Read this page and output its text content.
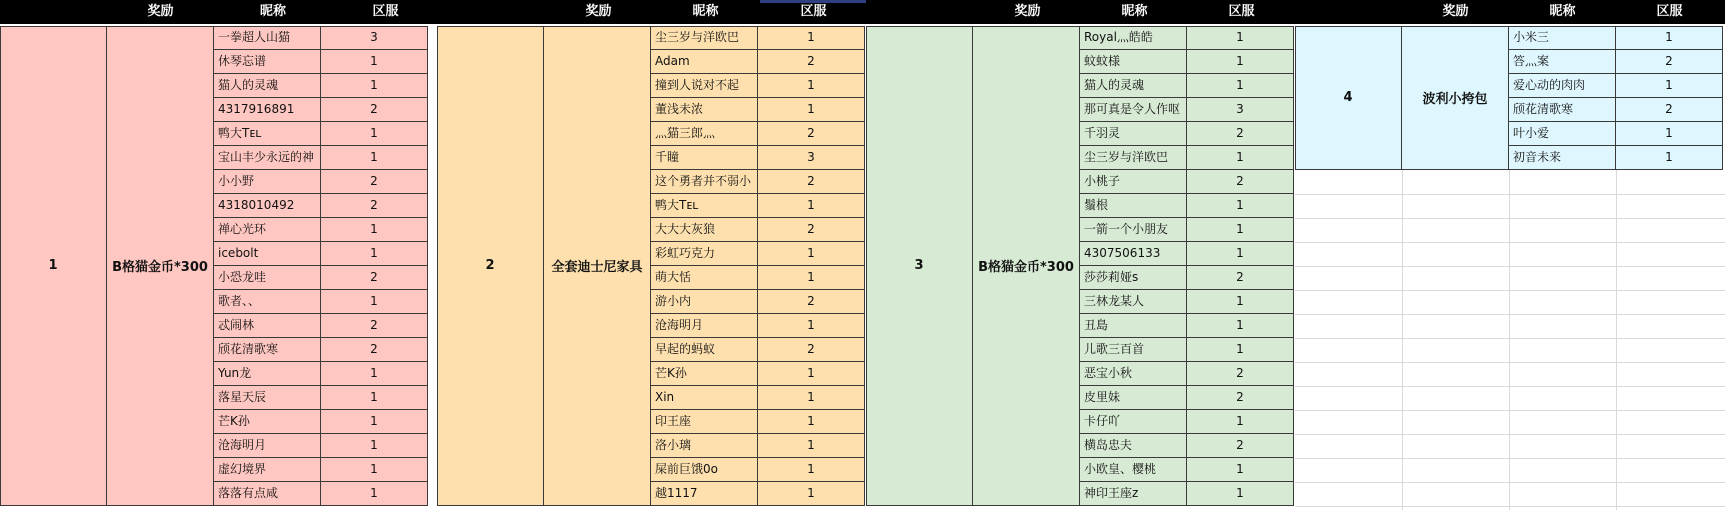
奖励	昵称	区服	奖励	昵称	区服	奖励	昵称	区服	奖励	昵称	区服
1	B格猫金币*300
一拳超人山猫	3
休琴忘谱	1
猫人的灵魂	1
4317916891	2
鸭大Tᴇʟ	1
宝山丰少永远的神	1
小小野	2
4318010492	2
禅心光环	1
icebolt	1
小恐龙哇	2
歌者、、	1
忒闹林	2
颀花清歌寒	2
Yun龙	1
落星天辰	1
芒K孙	1
沧海明月	1
虚幻境界	1
落落有点咸	1
2	全套迪士尼家具
尘三岁与洋欧巴	1
Adam	2
撞到人说对不起	1
董浅未浓	1
灬猫三郎灬	2
千瞳	3
这个勇者并不弱小	2
鸭大Tᴇʟ	1
大大大灰狼	2
彩虹巧克力	1
萌大恬	1
游小内	2
沧海明月	1
早起的蚂蚁	2
芒K孙	1
Χin	1
印王座	1
洛小璃	1
屎前巨饿0o	1
越1117	1
3	B格猫金币*300
Royal灬皓皓	1
蚊蚊様	1
猫人的灵魂	1
那可真是令人作呕	3
千羽灵	2
尘三岁与洋欧巴	1
小桃子	2
鬚根	1
一箭一个小朋友	1
4307506133	1
莎莎莉娅s	2
三林龙某人	1
丑島	1
儿歌三百首	1
恶宝小秋	2
皮里妹	2
卡仔吖	1
横岛忠夫	2
小欧皇、樱桃	1
神印王座z	1
4	波利小挎包
小米三	1
答灬案	2
爱心动的肉肉	1
颀花清歌寒	2
叶小爱	1
初音未来	1
